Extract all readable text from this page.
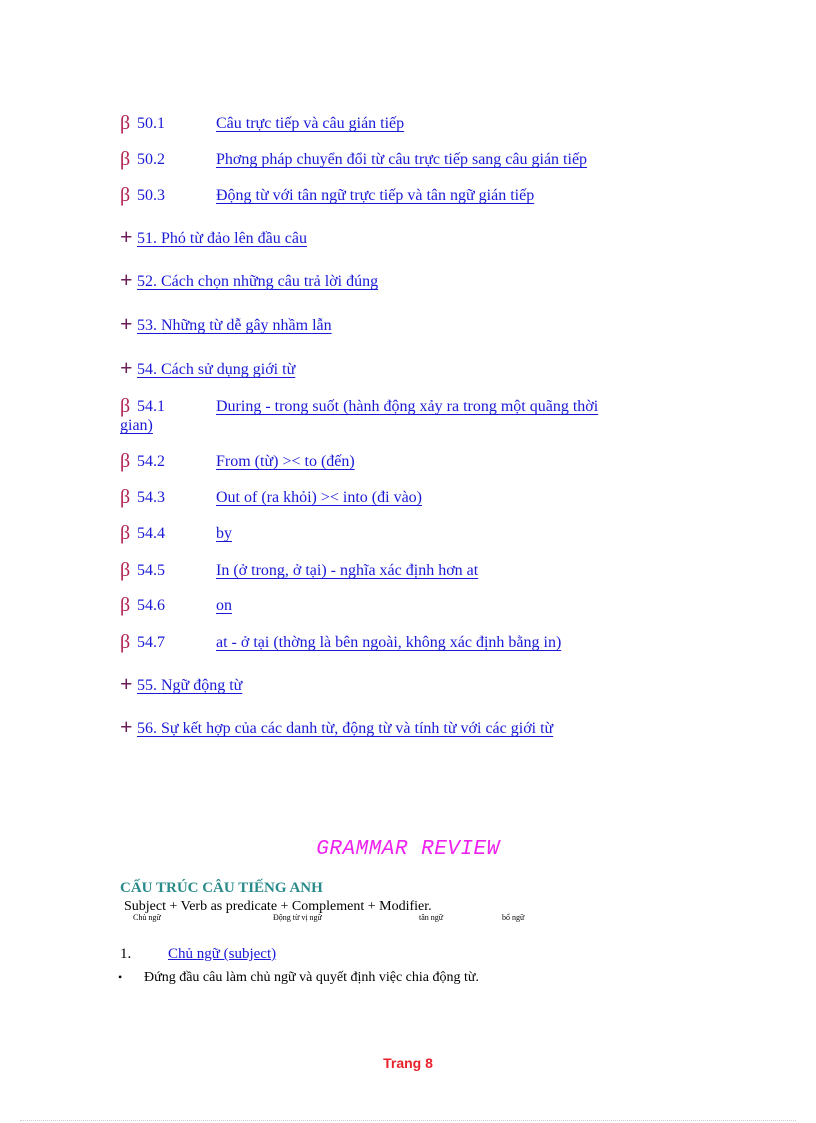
β 50.1	Câu trực tiếp và câu gián tiếp
β 50.2	Phơng pháp chuyển đổi từ câu trực tiếp sang câu gián tiếp
β 50.3	Động từ với tân ngữ trực tiếp và tân ngữ gián tiếp
+ 51. Phó từ đảo lên đầu câu
+ 52. Cách chọn những câu trả lời đúng
+ 53. Những từ dễ gây nhầm lẫn
+ 54. Cách sử dụng giới từ
β 54.1	During - trong suốt (hành động xảy ra trong một quãng thời
gian)
β 54.2	From (từ) >< to (đến)
β 54.3	Out of (ra khỏi) >< into (đi vào)
β 54.4	by
β 54.5	In (ở trong, ở tại) - nghĩa xác định hơn at
β 54.6	on
β 54.7	at - ở tại (thờng là bên ngoài, không xác định bằng in)
+ 55. Ngữ động từ
+ 56. Sự kết hợp của các danh từ, động từ và tính từ với các giới từ
GRAMMAR REVIEW
CẤU TRÚC CÂU TIẾNG ANH
Subject + Verb as predicate + Complement + Modifier.
Chủ ngữ	Động từ vị ngữ	tân ngữ	bổ ngữ
1. Chủ ngữ (subject)
• Đứng đầu câu làm chủ ngữ và quyết định việc chia động từ.
Trang 8
